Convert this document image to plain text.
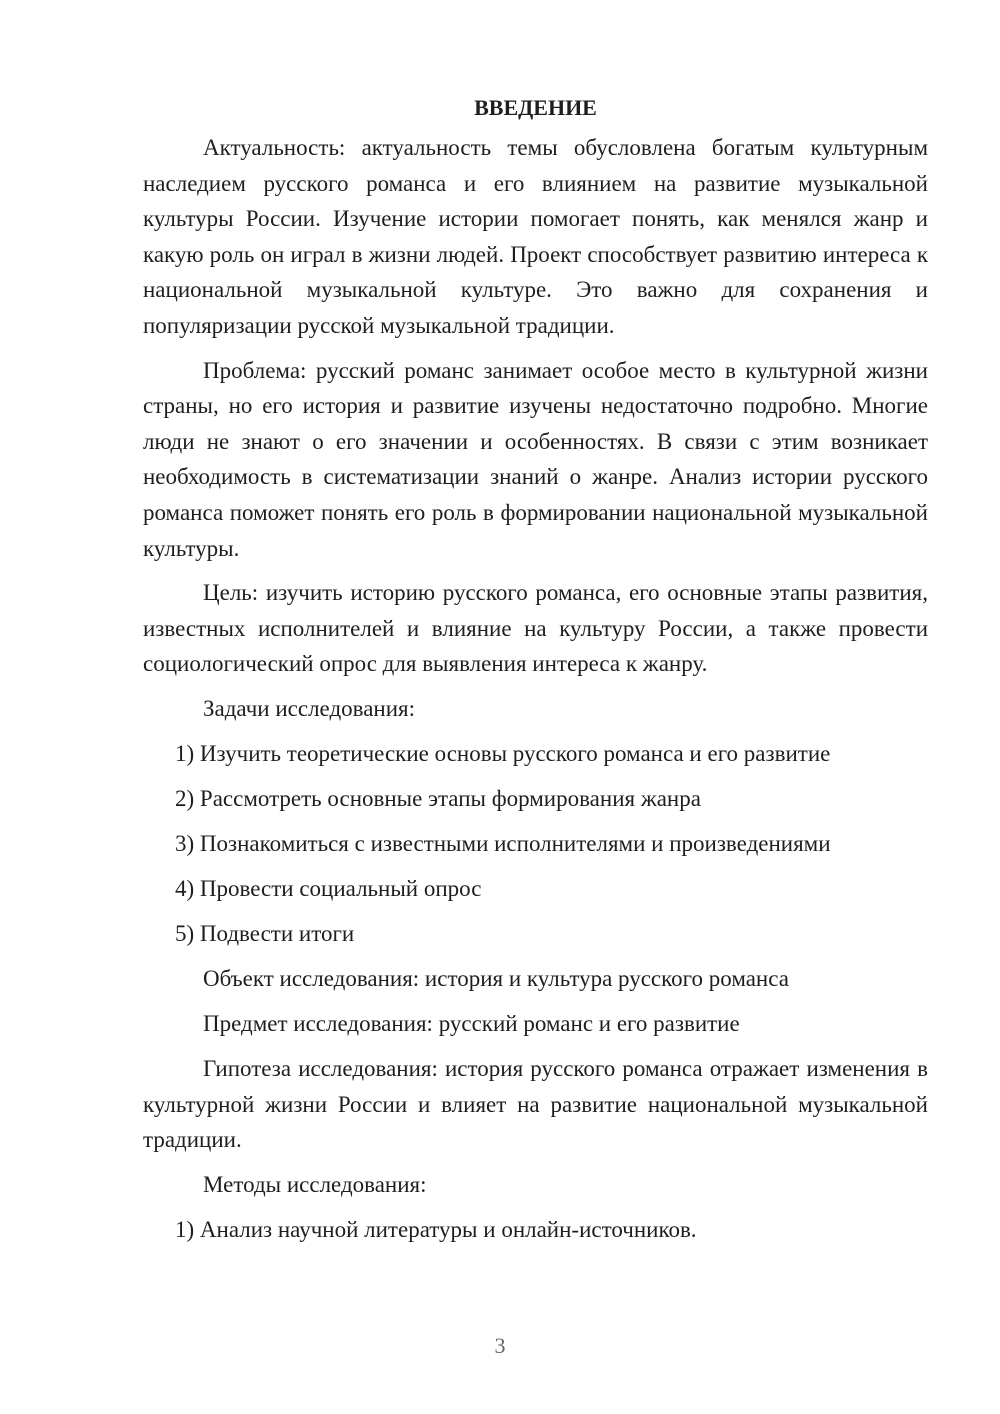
ВВЕДЕНИЕ

Актуальность: актуальность темы обусловлена богатым культурным наследием русского романса и его влиянием на развитие музыкальной культуры России. Изучение истории помогает понять, как менялся жанр и какую роль он играл в жизни людей. Проект способствует развитию интереса к национальной музыкальной культуре. Это важно для сохранения и популяризации русской музыкальной традиции.

Проблема: русский романс занимает особое место в культурной жизни страны, но его история и развитие изучены недостаточно подробно. Многие люди не знают о его значении и особенностях. В связи с этим возникает необходимость в систематизации знаний о жанре. Анализ истории русского романса поможет понять его роль в формировании национальной музыкальной культуры.

Цель: изучить историю русского романса, его основные этапы развития, известных исполнителей и влияние на культуру России, а также провести социологический опрос для выявления интереса к жанру.

Задачи исследования:
1) Изучить теоретические основы русского романса и его развитие
2) Рассмотреть основные этапы формирования жанра
3) Познакомиться с известными исполнителями и произведениями
4) Провести социальный опрос
5) Подвести итоги
Объект исследования: история и культура русского романса
Предмет исследования: русский романс и его развитие

Гипотеза исследования: история русского романса отражает изменения в культурной жизни России и влияет на развитие национальной музыкальной традиции.

Методы исследования:
1) Анализ научной литературы и онлайн-источников.
3
